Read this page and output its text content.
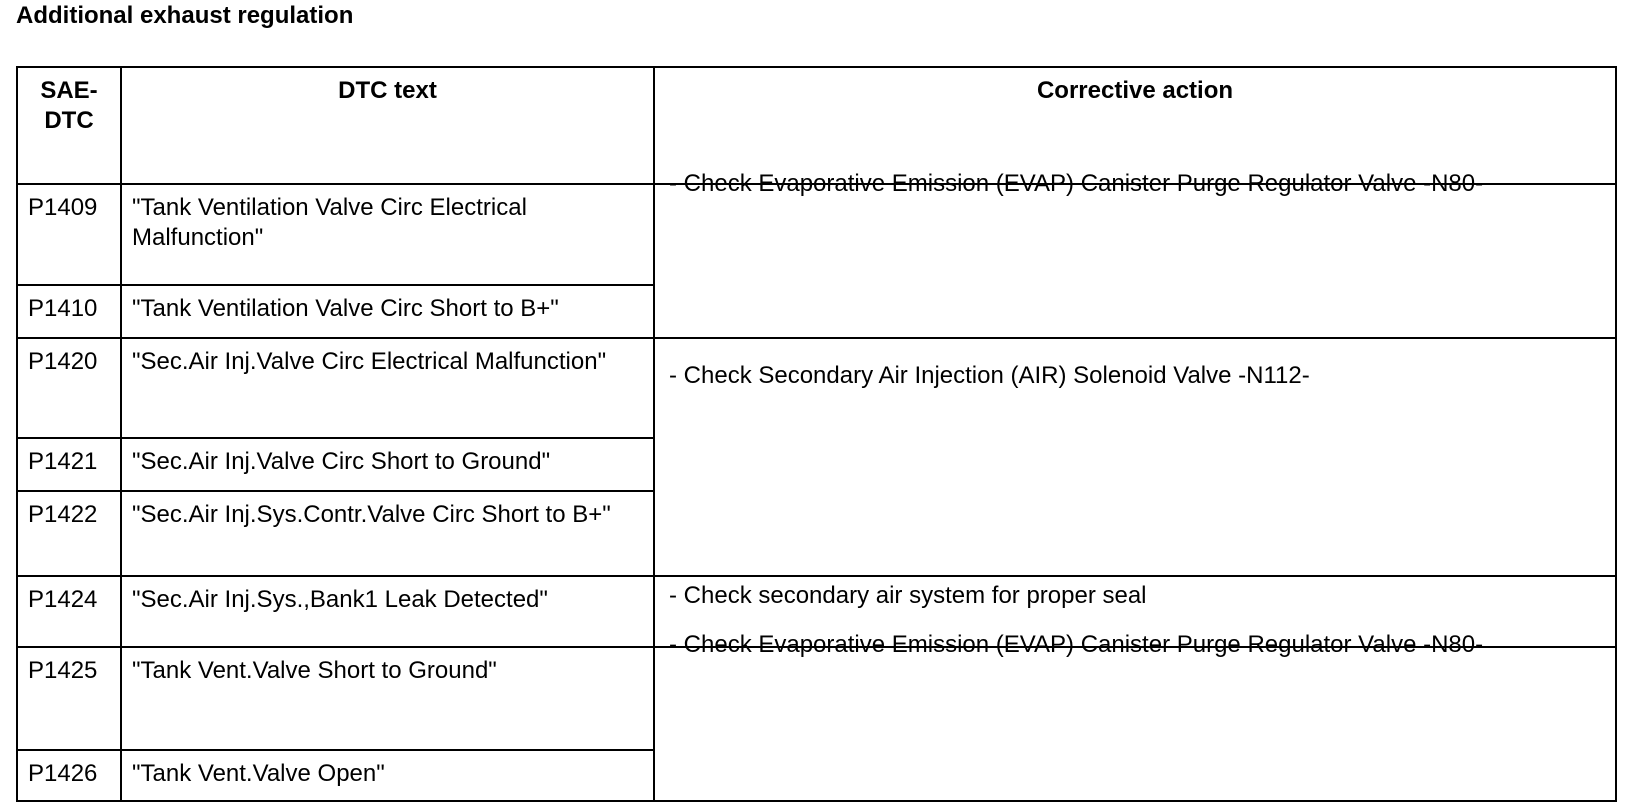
Additional exhaust regulation
SAE-
DTC	DTC text	Corrective action
P1409	"Tank Ventilation Valve Circ Electrical Malfunction"	- Check Evaporative Emission (EVAP) Canister Purge Regulator Valve -N80-

P1410	"Tank Ventilation Valve Circ Short to B+"	
P1420	"Sec.Air Inj.Valve Circ Electrical Malfunction"	- Check Secondary Air Injection (AIR) Solenoid Valve -N112-

P1421	"Sec.Air Inj.Valve Circ Short to Ground"	
P1422	"Sec.Air Inj.Sys.Contr.Valve Circ Short to B+"	
P1424	"Sec.Air Inj.Sys.,Bank1 Leak Detected"	- Check secondary air system for proper seal

P1425	"Tank Vent.Valve Short to Ground"	- Check Evaporative Emission (EVAP) Canister Purge Regulator Valve -N80-

P1426	"Tank Vent.Valve Open"	
